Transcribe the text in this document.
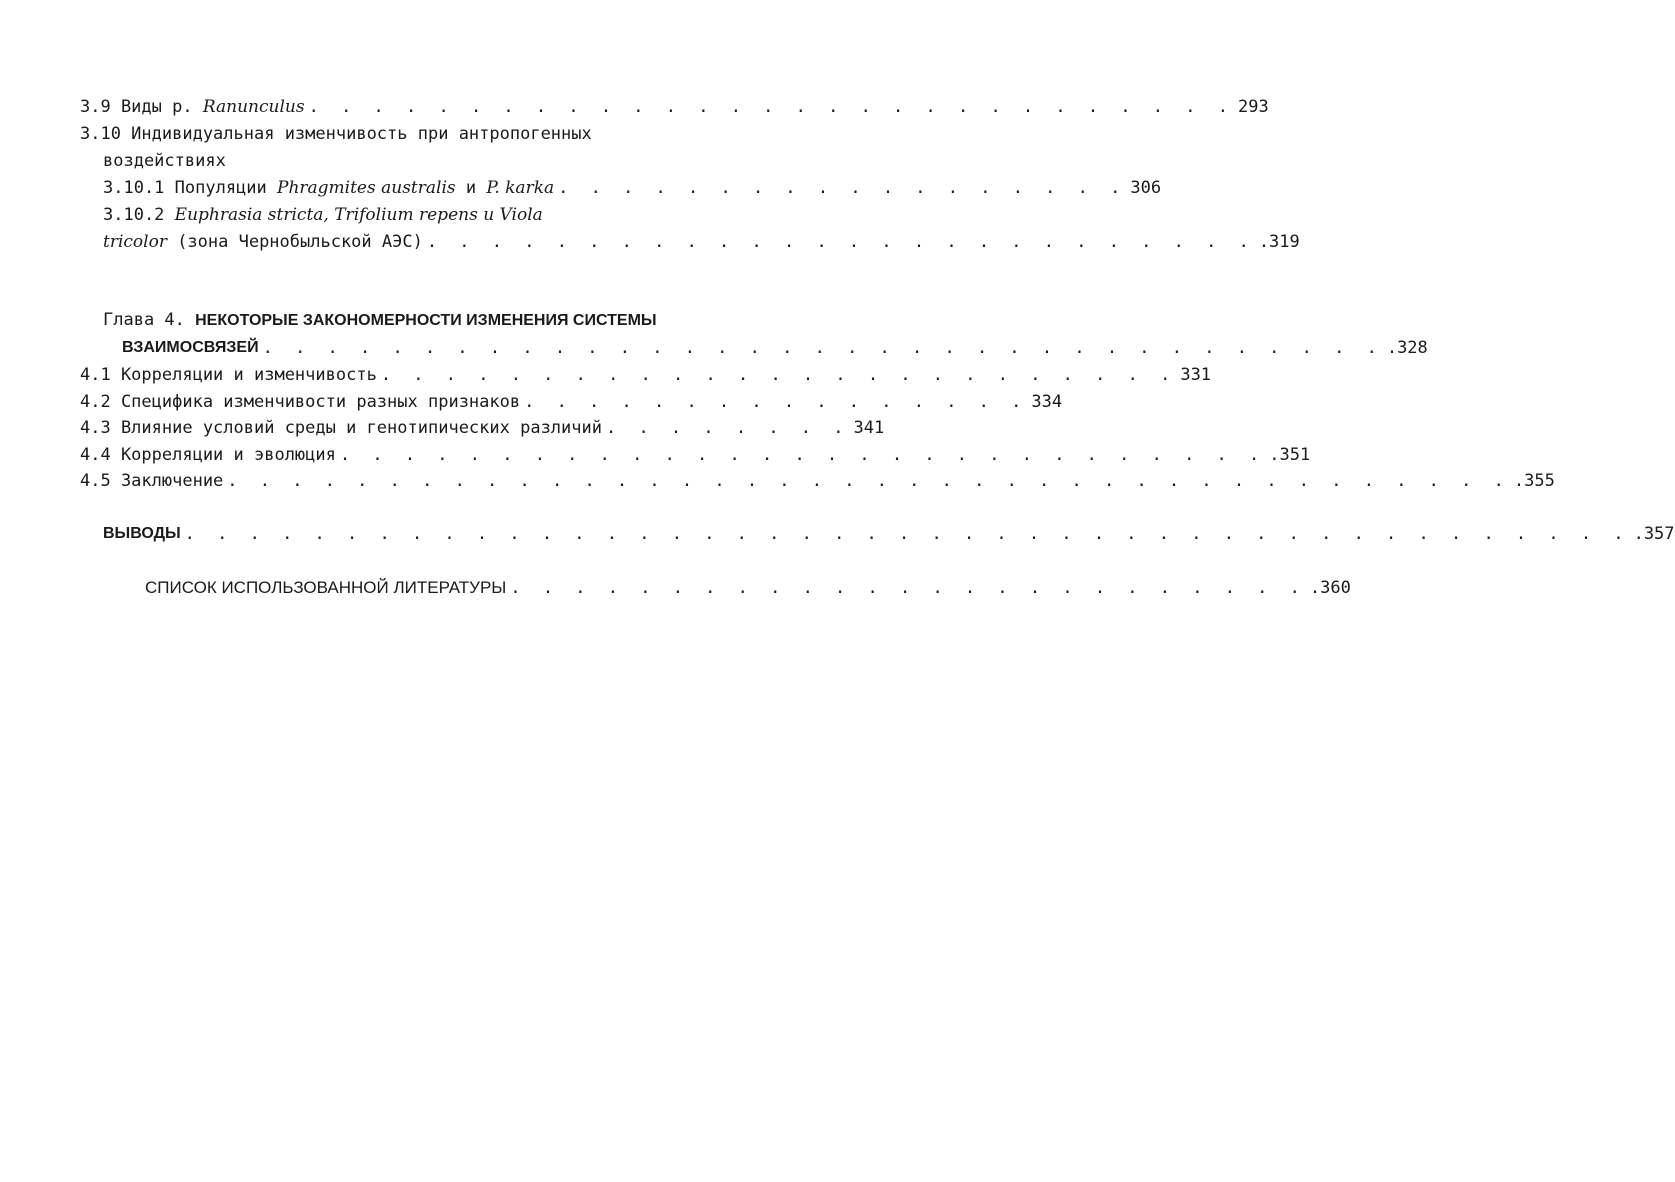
3.9 Виды р. Ranunculus . . . . . . . . . . . . . . . . . . . . . . . . . . . . . 293
3.10 Индивидуальная изменчивость при антропогенных
воздействиях
3.10.1 Популяции Phragmites australis и P. karka . . . . . . . . . . . . . . . . . . 306
3.10.2 Euphrasia stricta, Trifolium repens u Viola
tricolor (зона Чернобыльской АЭС) . . . . . . . . . . . . . . . . . . . . . . . . . . .319
Глава 4. НЕКОТОРЫЕ ЗАКОНОМЕРНОСТИ ИЗМЕНЕНИЯ СИСТЕМЫ
ВЗАИМОСВЯЗЕЙ . . . . . . . . . . . . . . . . . . . . . . . . . . . . . . . . . . . .328
4.1 Корреляции и изменчивость . . . . . . . . . . . . . . . . . . . . . . . . . 331
4.2 Специфика изменчивости разных признаков . . . . . . . . . . . . . . . . 334
4.3 Влияние условий среды и генотипических различий . . . . . . . . 341
4.4 Корреляции и эволюция . . . . . . . . . . . . . . . . . . . . . . . . . . . . . .351
4.5 Заключение . . . . . . . . . . . . . . . . . . . . . . . . . . . . . . . . . . . . . . . . .355
ВЫВОДЫ . . . . . . . . . . . . . . . . . . . . . . . . . . . . . . . . . . . . . . . . . . . . . .357
СПИСОК ИСПОЛЬЗОВАННОЙ ЛИТЕРАТУРЫ . . . . . . . . . . . . . . . . . . . . . . . . . .360
